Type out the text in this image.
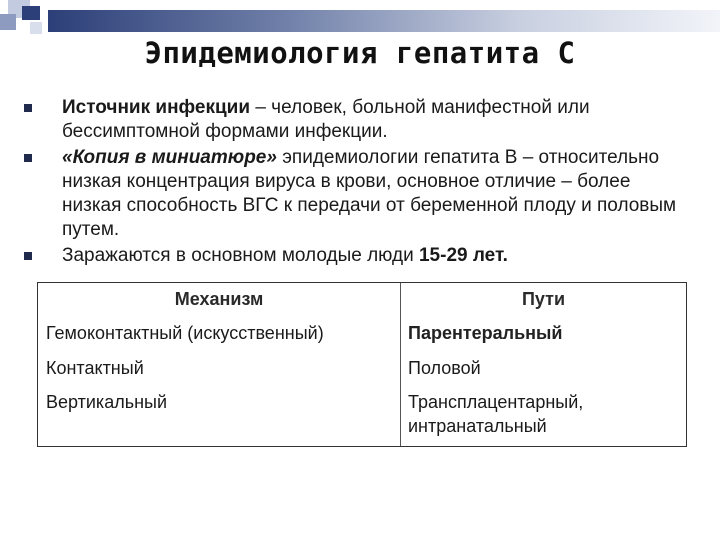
Эпидемиология гепатита С
Источник инфекции – человек, больной манифестной или бессимптомной формами инфекции.
«Копия в миниатюре» эпидемиологии гепатита В – относительно низкая концентрация вируса в крови, основное отличие – более низкая способность ВГС к передачи от беременной плоду и половым путем.
Заражаются в основном молодые люди 15-29 лет.
Механизм	Пути
Гемоконтактный (искусственный)	Парентеральный
Контактный	Половой
Вертикальный	Трансплацентарный, интранатальный
